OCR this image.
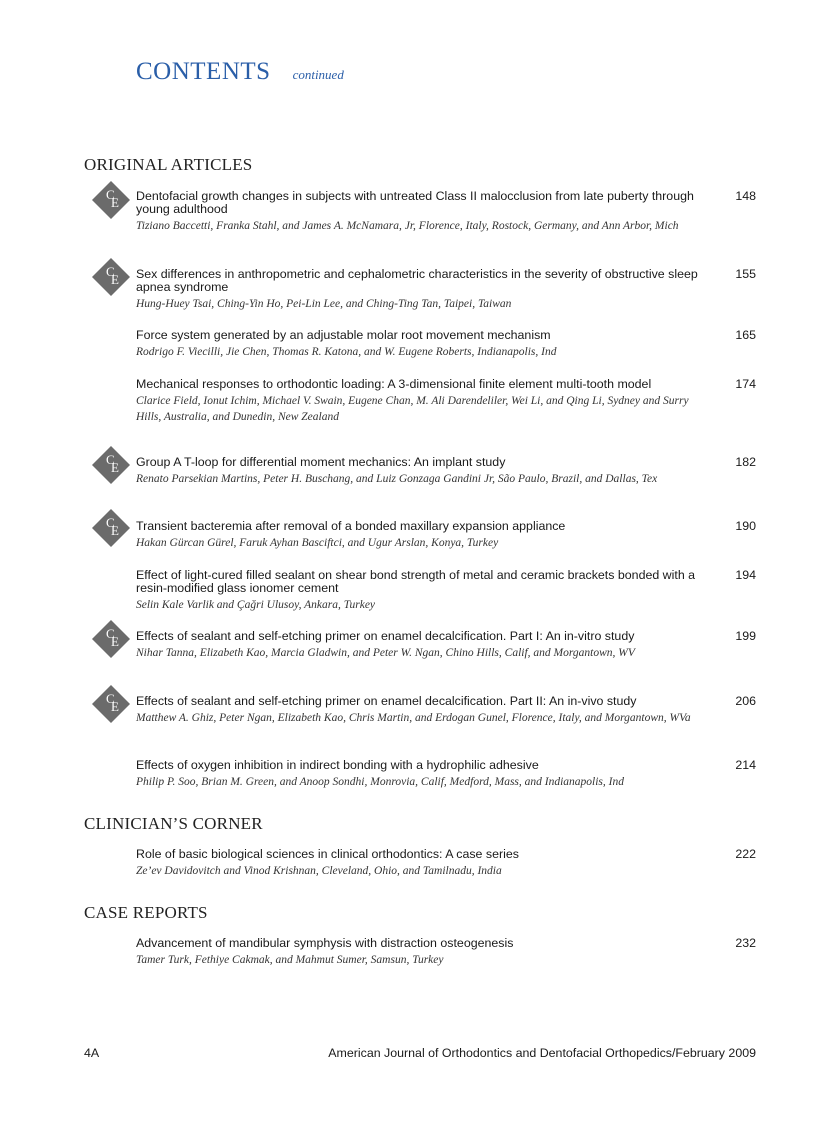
CONTENTS continued
ORIGINAL ARTICLES
C
E Dentofacial growth changes in subjects with untreated Class II malocclusion from late puberty through young adulthood
Tiziano Baccetti, Franka Stahl, and James A. McNamara, Jr, Florence, Italy, Rostock, Germany, and Ann Arbor, Mich
148
C
E Sex differences in anthropometric and cephalometric characteristics in the severity of obstructive sleep apnea syndrome
Hung-Huey Tsai, Ching-Yin Ho, Pei-Lin Lee, and Ching-Ting Tan, Taipei, Taiwan
155
Force system generated by an adjustable molar root movement mechanism
Rodrigo F. Viecilli, Jie Chen, Thomas R. Katona, and W. Eugene Roberts, Indianapolis, Ind
165
Mechanical responses to orthodontic loading: A 3-dimensional finite element multi-tooth model
Clarice Field, Ionut Ichim, Michael V. Swain, Eugene Chan, M. Ali Darendeliler, Wei Li, and Qing Li, Sydney and Surry Hills, Australia, and Dunedin, New Zealand
174
C
E Group A T-loop for differential moment mechanics: An implant study
Renato Parsekian Martins, Peter H. Buschang, and Luiz Gonzaga Gandini Jr, São Paulo, Brazil, and Dallas, Tex
182
C
E Transient bacteremia after removal of a bonded maxillary expansion appliance
Hakan Gürcan Gürel, Faruk Ayhan Basciftci, and Ugur Arslan, Konya, Turkey
190
Effect of light-cured filled sealant on shear bond strength of metal and ceramic brackets bonded with a resin-modified glass ionomer cement
Selin Kale Varlik and Çağri Ulusoy, Ankara, Turkey
194
C
E Effects of sealant and self-etching primer on enamel decalcification. Part I: An in-vitro study
Nihar Tanna, Elizabeth Kao, Marcia Gladwin, and Peter W. Ngan, Chino Hills, Calif, and Morgantown, WV
199
C
E Effects of sealant and self-etching primer on enamel decalcification. Part II: An in-vivo study
Matthew A. Ghiz, Peter Ngan, Elizabeth Kao, Chris Martin, and Erdogan Gunel, Florence, Italy, and Morgantown, WVa
206
Effects of oxygen inhibition in indirect bonding with a hydrophilic adhesive
Philip P. Soo, Brian M. Green, and Anoop Sondhi, Monrovia, Calif, Medford, Mass, and Indianapolis, Ind
214
CLINICIAN’S CORNER
Role of basic biological sciences in clinical orthodontics: A case series
Ze’ev Davidovitch and Vinod Krishnan, Cleveland, Ohio, and Tamilnadu, India
222
CASE REPORTS
Advancement of mandibular symphysis with distraction osteogenesis
Tamer Turk, Fethiye Cakmak, and Mahmut Sumer, Samsun, Turkey
232
4A	American Journal of Orthodontics and Dentofacial Orthopedics/February 2009
